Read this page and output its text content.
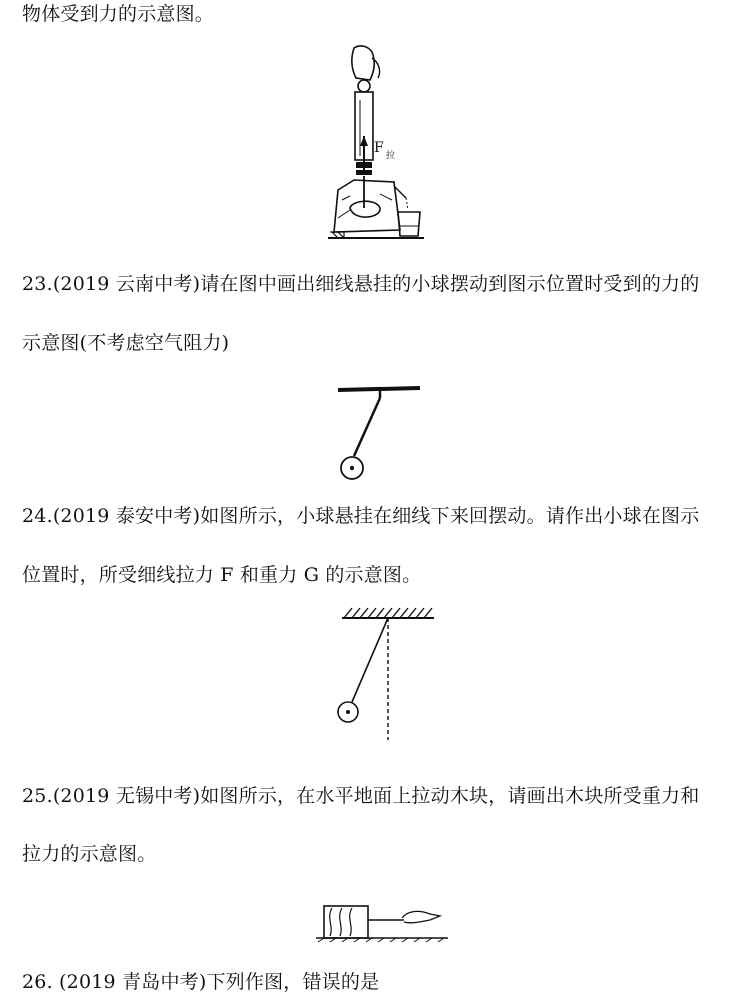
物体受到力的示意图。
F 拉
23.(2019 云南中考)请在图中画出细线悬挂的小球摆动到图示位置时受到的力的
示意图(不考虑空气阻力)
24.(2019 泰安中考)如图所示，小球悬挂在细线下来回摆动。请作出小球在图示
位置时，所受细线拉力 F 和重力 G 的示意图。
25.(2019 无锡中考)如图所示，在水平地面上拉动木块，请画出木块所受重力和
拉力的示意图。
26. (2019 青岛中考)下列作图，错误的是
